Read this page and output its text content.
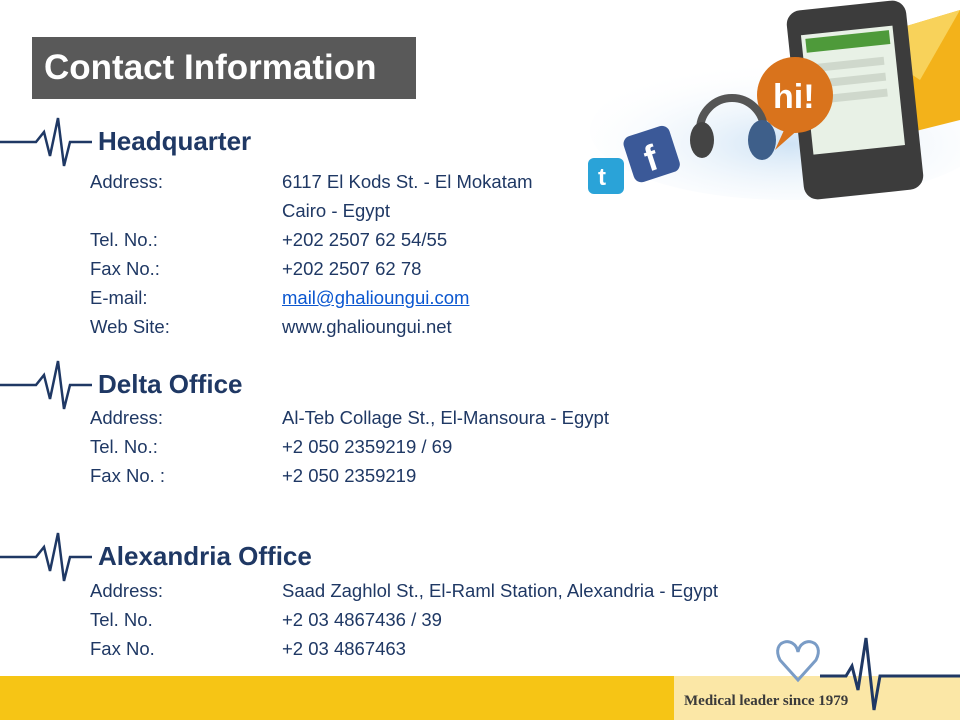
Contact Information
hi!
f
t
Headquarter
Address:	6117 El Kods St. - El Mokatam
Cairo - Egypt
Tel. No.:	+202 2507 62 54/55
Fax No.:	+202 2507 62 78
E-mail:	mail@ghalioungui.com
Web Site:	www.ghalioungui.net
Delta Office
Address:	Al-Teb Collage St., El-Mansoura - Egypt
Tel. No.:	+2 050 2359219 / 69
Fax No. :	+2 050 2359219
Alexandria Office
Address:	Saad Zaghlol St., El-Raml Station, Alexandria - Egypt
Tel. No.	+2 03 4867436 / 39
Fax No.	+2 03 4867463
Medical leader since 1979
